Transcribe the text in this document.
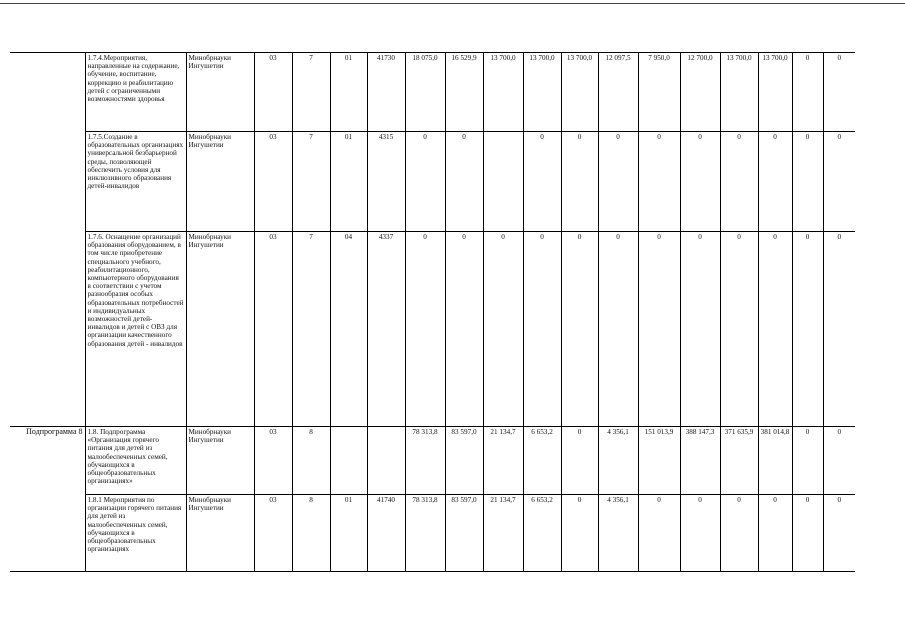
	1.7.4.Мероприятия, направленные на содержание, обучение, воспитание, коррекцию и реабилитацию детей с ограниченными возможностями здоровья	Минобрнауки Ингушетии	03	7	01	41730	18 075,0	16 529,9	13 700,0	13 700,0	13 700,0	12 097,5	7 950,0	12 700,0	13 700,0	13 700,0	0	0
	1.7.5.Создание в образовательных организациях универсальной безбарьерной среды, позволяющей обеспечить условия для инклюзивного образования детей-инвалидов	Минобрнауки Ингушетии	03	7	01	4315	0	0		0	0	0	0	0	0	0	0	0
	1.7.6. Оснащение организаций образования оборудованием, в том числе приобретение специального учебного, реабилитационного, компьютерного оборудования в соответствии с учетом разнообразия особых образовательных потребностей и индивидуальных возможностей детей-инвалидов и детей с ОВЗ для организации качественного образования детей - инвалидов	Минобрнауки Ингушетии	03	7	04	4337	0	0	0	0	0	0	0	0	0	0	0	0
Подпрограмма 8	1.8. Подпрограмма «Организация горячего питания для детей из малообеспеченных семей, обучающихся в общеобразовательных организациях»	Минобрнауки Ингушетии	03	8			78 313,8	83 597,0	21 134,7	6 653,2	0	4 356,1	151 013,9	388 147,3	371 635,9	381 014,8	0	0
	1.8.1 Мероприятия по организации горячего питания для детей из малообеспеченных семей, обучающихся в общеобразовательных организациях	Минобрнауки Ингушетии	03	8	01	41740	78 313,8	83 597,0	21 134,7	6 653,2	0	4 356,1	0	0	0	0	0	0
